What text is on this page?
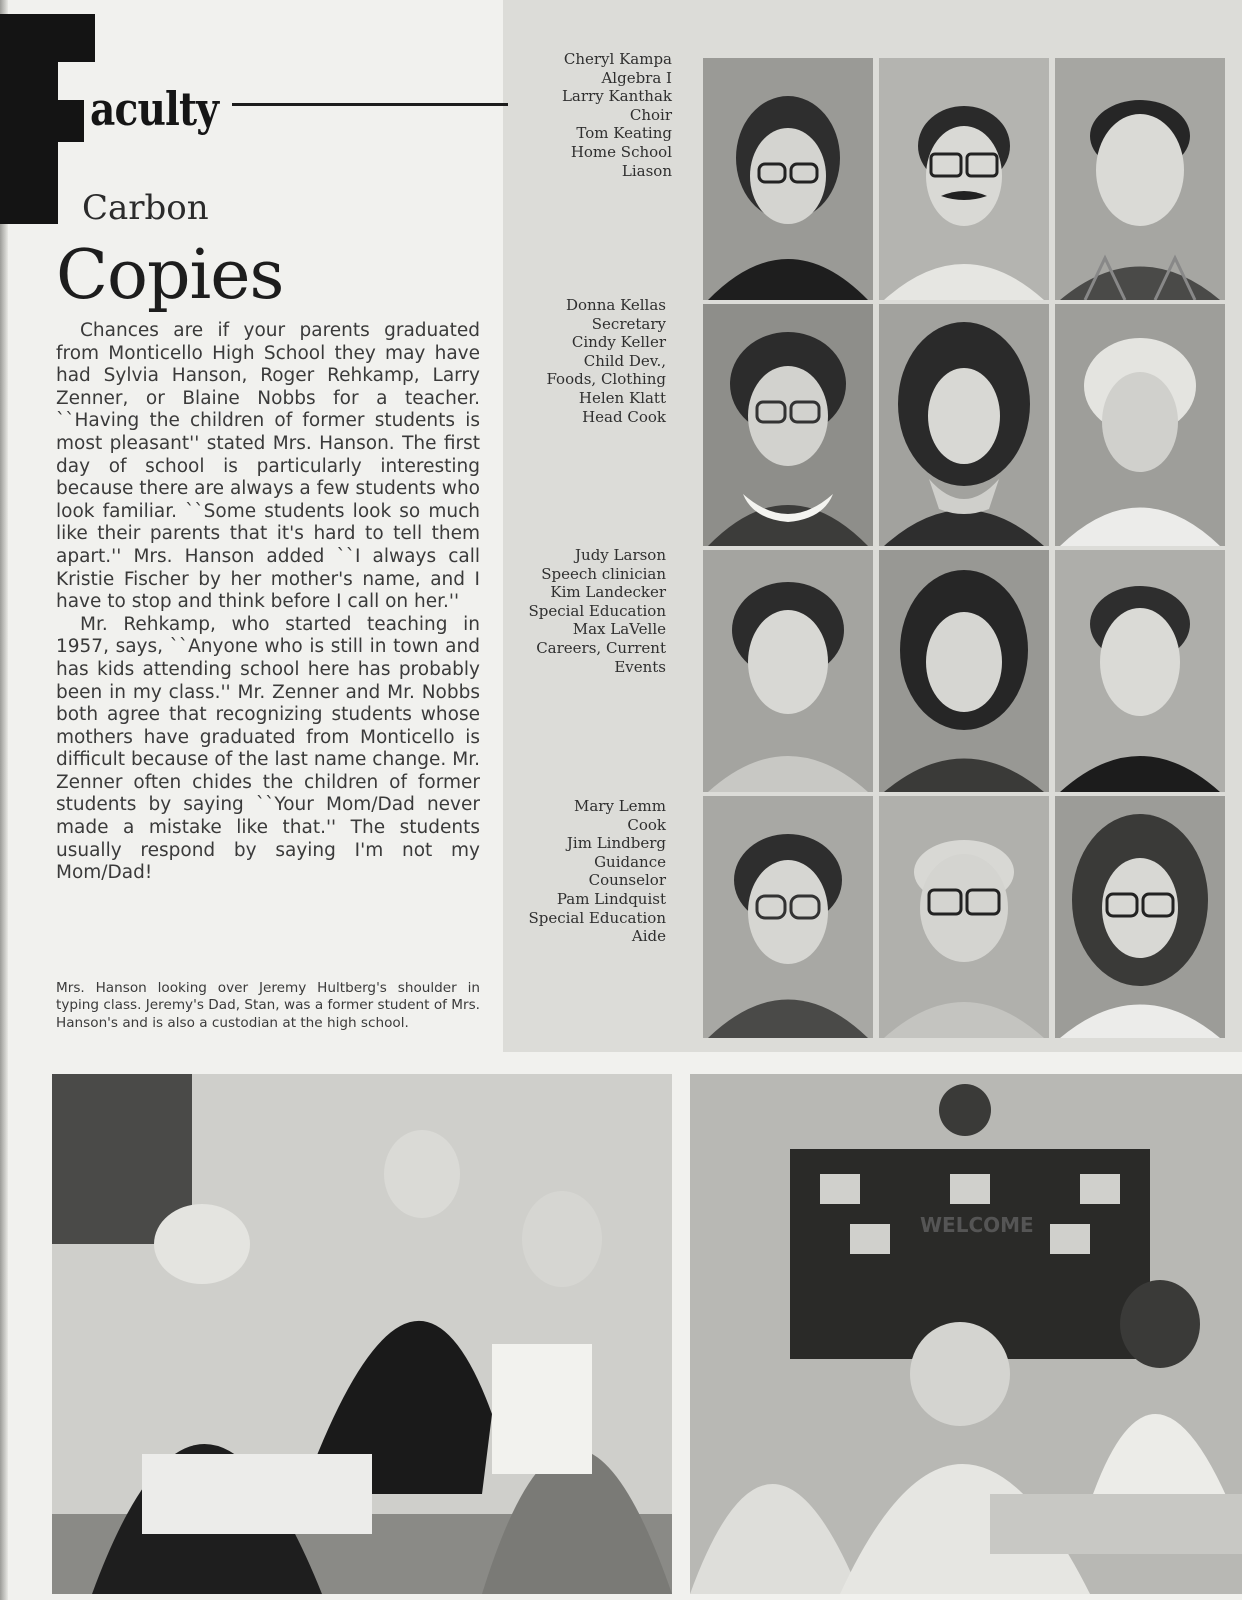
aculty
Carbon
Copies

Chances are if your parents graduated from Monticello High School they may have had Sylvia Hanson, Roger Rehkamp, Larry Zenner, or Blaine Nobbs for a teacher. ``Having the children of former students is most pleasant'' stated Mrs. Hanson. The first day of school is particularly interesting because there are always a few students who look familiar. ``Some students look so much like their parents that it's hard to tell them apart.'' Mrs. Hanson added ``I always call Kristie Fischer by her mother's name, and I have to stop and think before I call on her.''

Mr. Rehkamp, who started teaching in 1957, says, ``Anyone who is still in town and has kids attending school here has probably been in my class.'' Mr. Zenner and Mr. Nobbs both agree that recognizing students whose mothers have graduated from Monticello is difficult because of the last name change. Mr. Zenner often chides the children of former students by saying ``Your Mom/Dad never made a mistake like that.'' The students usually respond by saying I'm not my Mom/Dad!

Mrs. Hanson looking over Jeremy Hultberg's shoulder in typing class. Jeremy's Dad, Stan, was a former student of Mrs. Hanson's and is also a custodian at the high school.
Cheryl Kampa
Algebra I
Larry Kanthak
Choir
Tom Keating
Home School
Liason
Donna Kellas
Secretary
Cindy Keller
Child Dev.,
Foods, Clothing
Helen Klatt
Head Cook
Judy Larson
Speech clinician
Kim Landecker
Special Education
Max LaVelle
Careers, Current
Events
Mary Lemm
Cook
Jim Lindberg
Guidance
Counselor
Pam Lindquist
Special Education
Aide
WELCOME
